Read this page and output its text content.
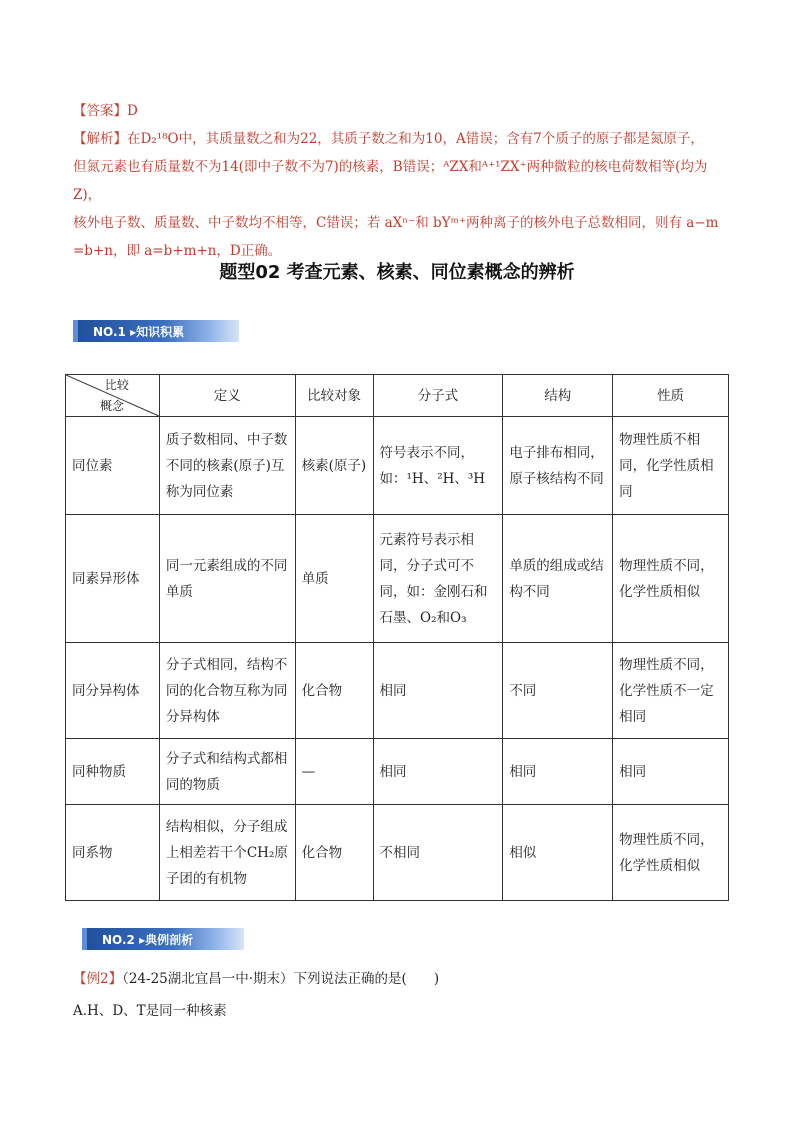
【答案】D

【解析】在D₂¹⁸O中，其质量数之和为22，其质子数之和为10，A错误；含有7个质子的原子都是氮原子，

但氮元素也有质量数不为14(即中子数不为7)的核素，B错误；ᴬZX和ᴬ⁺¹ZX⁺两种微粒的核电荷数相等(均为Z)，

核外电子数、质量数、中子数均不相等，C错误；若 aXⁿ⁻和 bYᵐ⁺两种离子的核外电子总数相同，则有 a−m

=b+n，即 a=b+m+n，D正确。

题型02 考查元素、核素、同位素概念的辨析
NO.1 ▸知识积累
比较
概念	定义	比较对象	分子式	结构	性质
同位素	质子数相同、中子数不同的核素(原子)互称为同位素	核素(原子)	符号表示不同，如：¹H、²H、³H	电子排布相同，原子核结构不同	物理性质不相同，化学性质相同
同素异形体	同一元素组成的不同单质	单质	元素符号表示相同，分子式可不同，如：金刚石和石墨、O₂和O₃	单质的组成或结构不同	物理性质不同，化学性质相似
同分异构体	分子式相同，结构不同的化合物互称为同分异构体	化合物	相同	不同	物理性质不同，化学性质不一定相同
同种物质	分子式和结构式都相同的物质	—	相同	相同	相同
同系物	结构相似，分子组成上相差若干个CH₂原子团的有机物	化合物	不相同	相似	物理性质不同，化学性质相似
NO.2 ▸典例剖析
【例2】（24-25湖北宜昌一中·期末）下列说法正确的是(　　)
A.H、D、T是同一种核素
